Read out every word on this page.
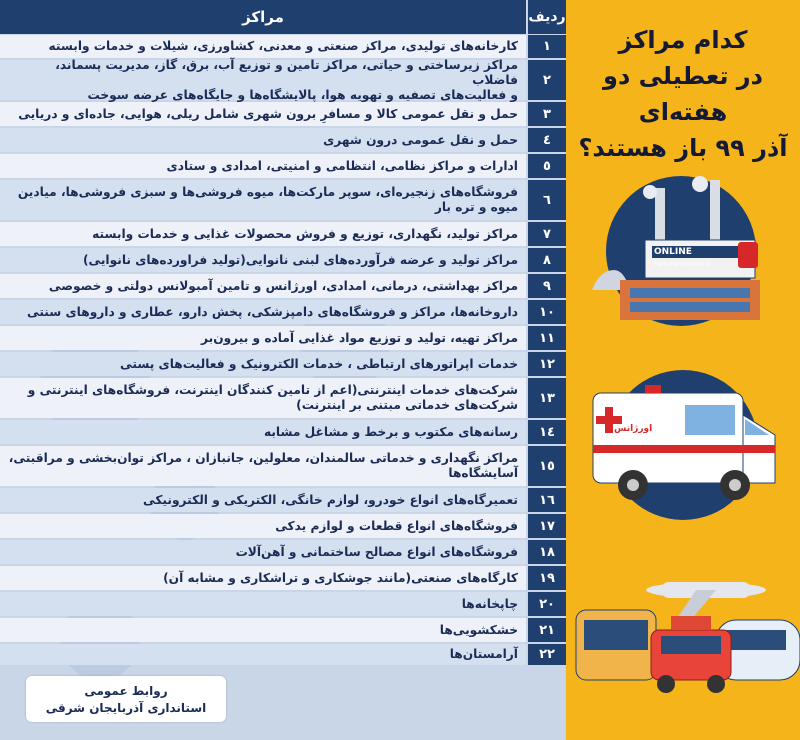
مراکز	ردیف
کارخانه‌های تولیدی، مراکز صنعتی و معدنی، کشاورزی، شیلات و خدمات وابسته	۱
مراکز زیرساختی و حیاتی، مراکز تامین و توزیع آب، برق، گاز، مدیریت پسماند، فاضلاب
و فعالیت‌های تصفیه و تهویه هوا، پالایشگاه‌ها و جایگاه‌های عرضه سوخت
۲
حمل و نقل عمومی کالا و مسافرِ برون شهری شامل ریلی، هوایی، جاده‌ای و دریایی	۳
حمل و نقل عمومی درون شهری	٤
ادارات و مراکز نظامی، انتظامی و امنیتی، امدادی و ستادی	٥
فروشگاه‌های زنجیره‌ای، سوپر مارکت‌ها، میوه فروشی‌ها و سبزی فروشی‌ها، میادین
میوه و تره بار	٦
مراکز تولید، نگهداری، توزیع و فروش محصولات غذایی و خدمات وابسته	۷
مراکز تولید و عرضه فرآورده‌های لبنی نانوایی(تولید فراورده‌های نانوایی)	۸
مراکز بهداشتی، درمانی، امدادی، اورژانس و تامین آمبولانس دولتی و خصوصی	۹
داروخانه‌ها، مراکز و فروشگاه‌های دامپزشکی، پخش دارو، عطاری و داروهای سنتی	۱۰
مراکز تهیه، تولید و توزیع مواد غذایی آماده و بیرون‌بر	۱۱
خدمات اپراتورهای ارتباطی ، خدمات الکترونیک و فعالیت‌های پستی	۱۲
شرکت‌های خدمات اینترنتی(اعم از تامین کنندگان اینترنت، فروشگاه‌های اینترنتی و
شرکت‌های خدماتی مبتنی بر اینترنت)	۱۳
رسانه‌های مکتوب و برخط و مشاغل مشابه	۱٤
مراکز نگهداری و خدماتی سالمندان، معلولین، جانبازان ، مراکز توان‌بخشی و مراقبتی،
آسایشگاه‌ها	۱٥
تعمیرگاه‌های انواع خودرو، لوازم خانگی، الکتریکی و الکترونیکی	۱٦
فروشگاه‌های انواع قطعات و لوازم یدکی	۱۷
فروشگاه‌های انواع مصالح ساختمانی و آهن‌آلات	۱۸
کارگاه‌های صنعتی(مانند جوشکاری و تراشکاری و مشابه آن)	۱۹
چاپخانه‌ها	۲۰
خشکشویی‌ها	۲۱
آرامستان‌ها	۲۲
روابط عمومی
استانداری آذربایجان شرقی
کدام مراکز
در تعطیلی دو هفته‌ای
آذر ۹۹ باز هستند؟
ONLINE
hamshahrionline.ir
اورژانس
